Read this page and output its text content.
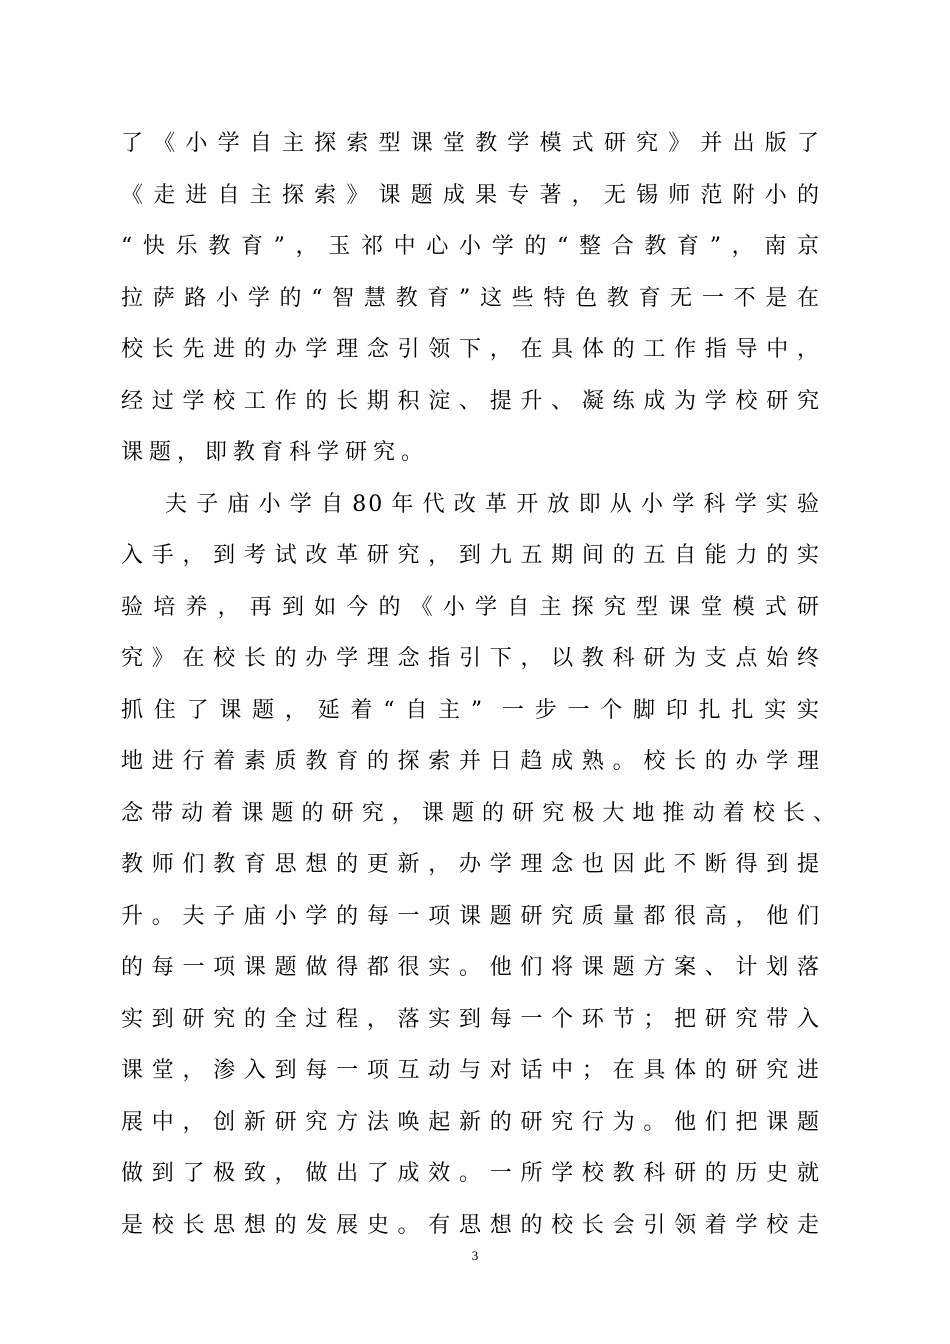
了《小学自主探索型课堂教学模式研究》并出版了
《走进自主探索》课题成果专著，无锡师范附小的
“快乐教育”，玉祁中心小学的“整合教育”，南京
拉萨路小学的“智慧教育”这些特色教育无一不是在
校长先进的办学理念引领下，在具体的工作指导中，
经过学校工作的长期积淀、提升、凝练成为学校研究
课题，即教育科学研究。
夫子庙小学自80年代改革开放即从小学科学实验
入手，到考试改革研究，到九五期间的五自能力的实
验培养，再到如今的《小学自主探究型课堂模式研
究》在校长的办学理念指引下，以教科研为支点始终
抓住了课题，延着“自主” 一步一个脚印扎扎实实
地进行着素质教育的探索并日趋成熟。校长的办学理
念带动着课题的研究，课题的研究极大地推动着校长、
教师们教育思想的更新，办学理念也因此不断得到提
升。夫子庙小学的每一项课题研究质量都很高，他们
的每一项课题做得都很实。他们将课题方案、计划落
实到研究的全过程，落实到每一个环节；把研究带入
课堂，渗入到每一项互动与对话中；在具体的研究进
展中，创新研究方法唤起新的研究行为。他们把课题
做到了极致，做出了成效。一所学校教科研的历史就
是校长思想的发展史。有思想的校长会引领着学校走
3
